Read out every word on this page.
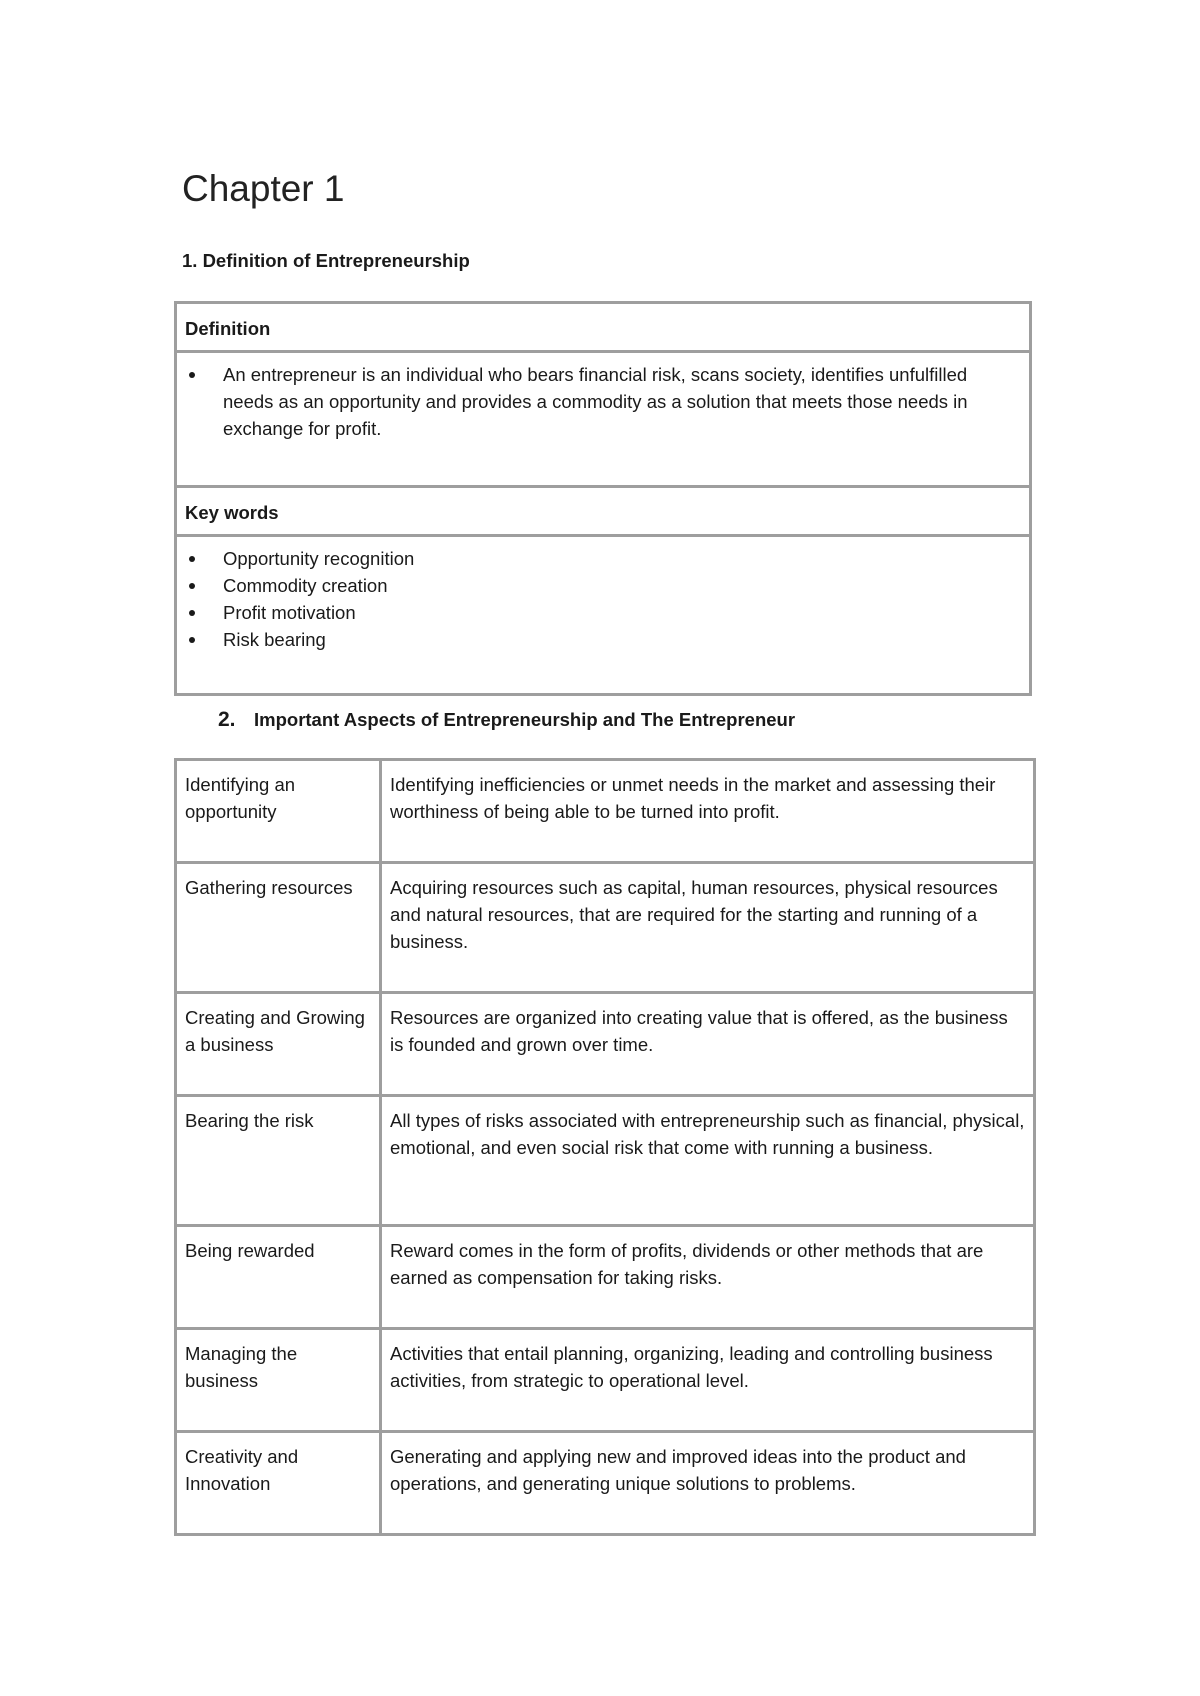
Chapter 1
1. Definition of Entrepreneurship
Definition

An entrepreneur is an individual who bears financial risk, scans society, identifies unfulfilled needs as an opportunity and provides a commodity as a solution that meets those needs in exchange for profit.

Key words

Opportunity recognition
Commodity creation
Profit motivation
Risk bearing
2. Important Aspects of Entrepreneurship and The Entrepreneur
Identifying an opportunity	Identifying inefficiencies or unmet needs in the market and assessing their worthiness of being able to be turned into profit.
Gathering resources	Acquiring resources such as capital, human resources, physical resources and natural resources, that are required for the starting and running of a business.
Creating and Growing a business	Resources are organized into creating value that is offered, as the business is founded and grown over time.
Bearing the risk	All types of risks associated with entrepreneurship such as financial, physical, emotional, and even social risk that come with running a business.
Being rewarded	Reward comes in the form of profits, dividends or other methods that are earned as compensation for taking risks.
Managing the business	Activities that entail planning, organizing, leading and controlling business activities, from strategic to operational level.
Creativity and Innovation	Generating and applying new and improved ideas into the product and operations, and generating unique solutions to problems.
